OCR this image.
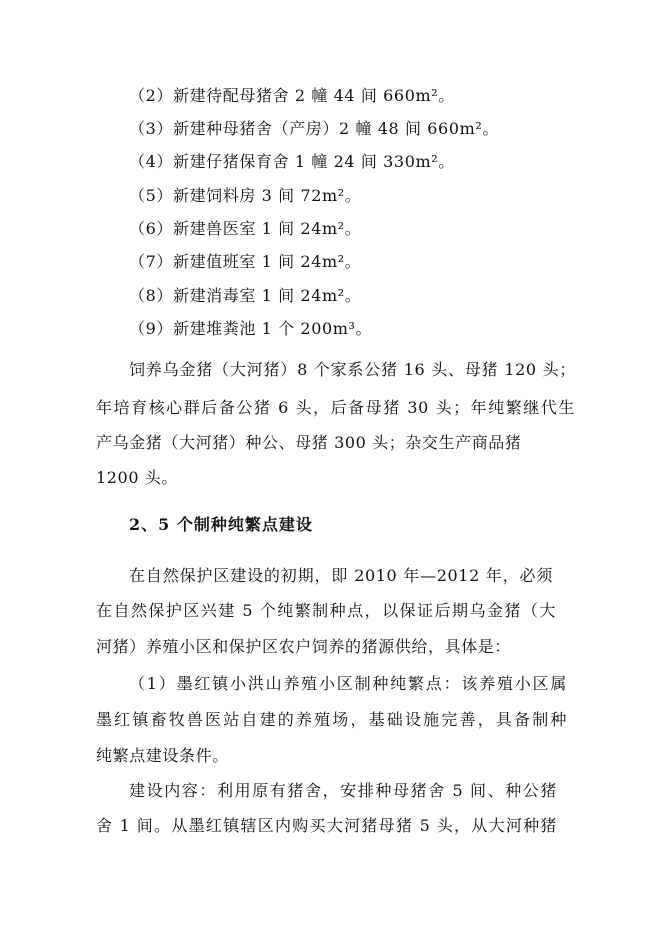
（2）新建待配母猪舍 2 幢 44 间 660m²。
（3）新建种母猪舍（产房）2 幢 48 间 660m²。
（4）新建仔猪保育舍 1 幢 24 间 330m²。
（5）新建饲料房 3 间 72m²。
（6）新建兽医室 1 间 24m²。
（7）新建值班室 1 间 24m²。
（8）新建消毒室 1 间 24m²。
（9）新建堆粪池 1 个 200m³。
饲养乌金猪（大河猪）8 个家系公猪 16 头、母猪 120 头；
年培育核心群后备公猪 6 头，后备母猪 30 头；年纯繁继代生
产乌金猪（大河猪）种公、母猪 300 头；杂交生产商品猪
1200 头。
2、5 个制种纯繁点建设
在自然保护区建设的初期，即 2010 年—2012 年，必须
在自然保护区兴建 5 个纯繁制种点，以保证后期乌金猪（大
河猪）养殖小区和保护区农户饲养的猪源供给，具体是：
（1）墨红镇小洪山养殖小区制种纯繁点：该养殖小区属
墨红镇畜牧兽医站自建的养殖场，基础设施完善，具备制种
纯繁点建设条件。
建设内容：利用原有猪舍，安排种母猪舍 5 间、种公猪
舍 1 间。从墨红镇辖区内购买大河猪母猪 5 头，从大河种猪
